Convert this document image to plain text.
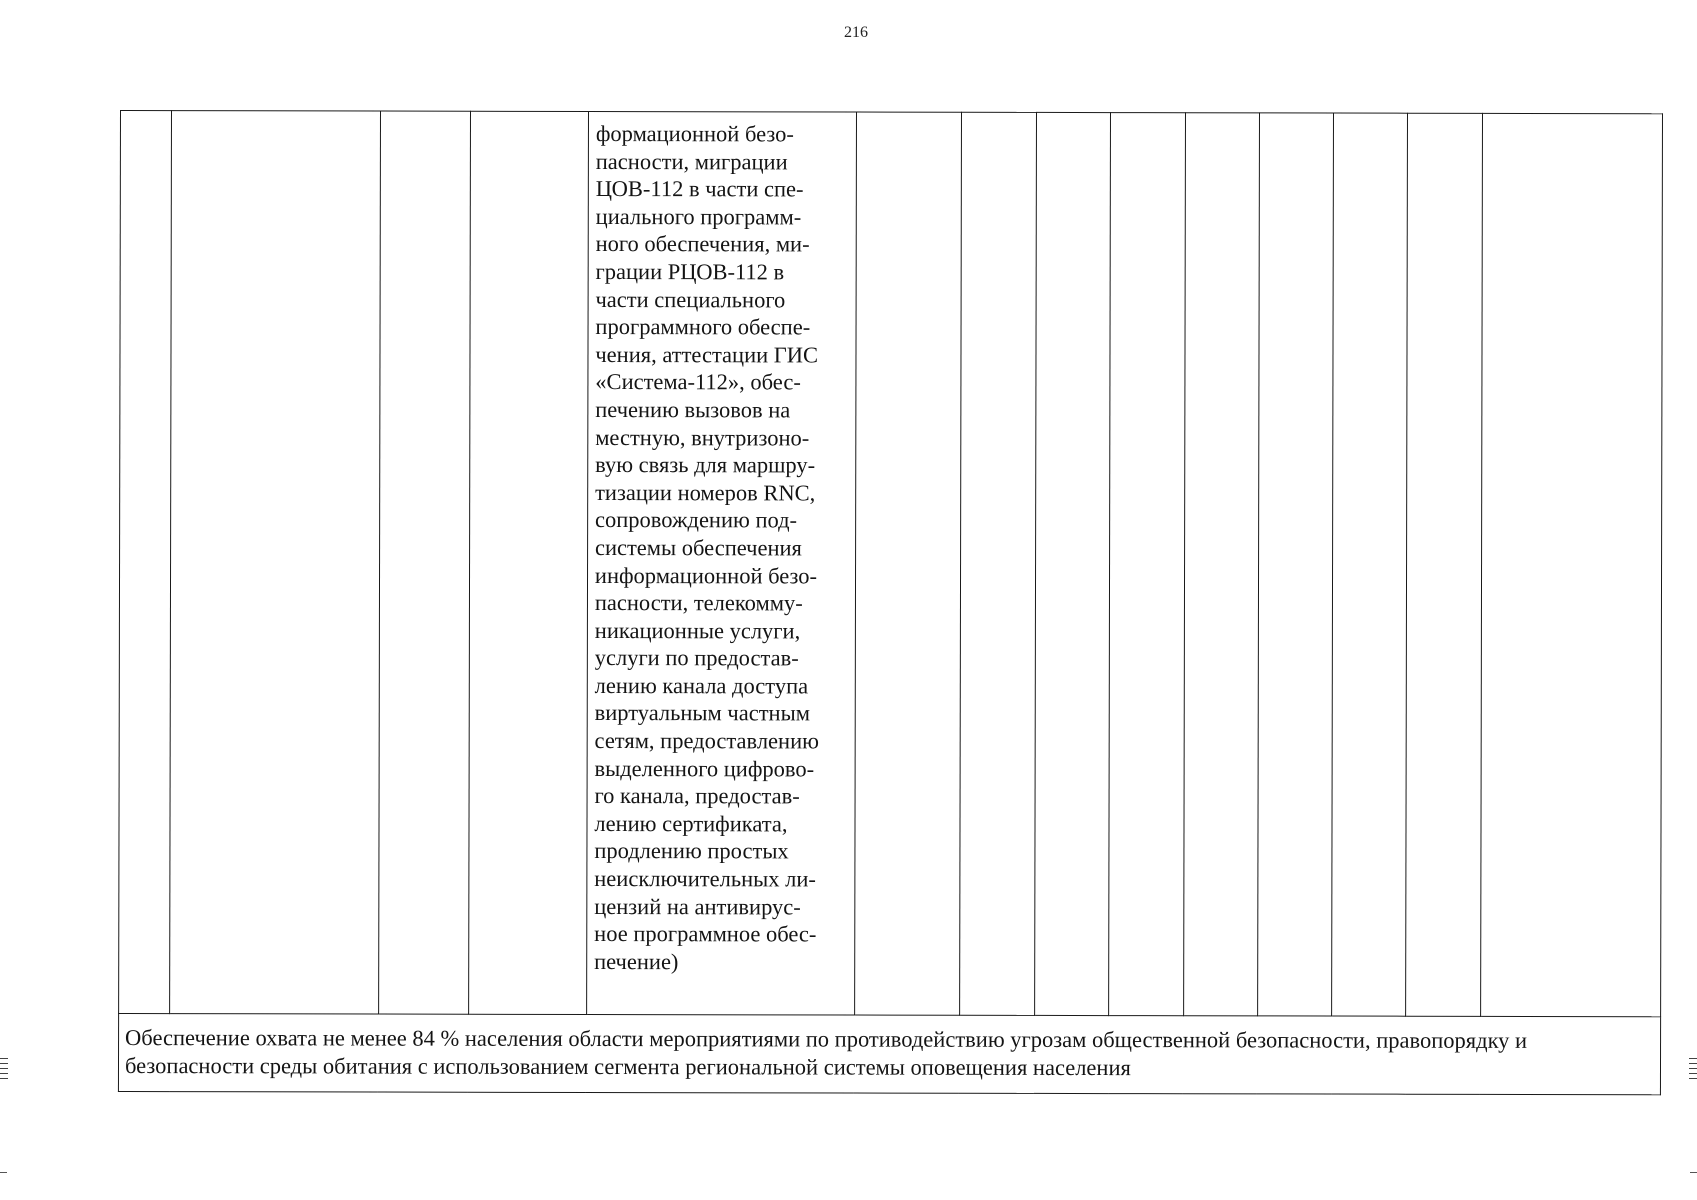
216
				формационной безо-
пасности, миграции
ЦОВ-112 в части спе-
циального программ-
ного обеспечения, ми-
грации РЦОВ-112 в
части специального
программного обеспе-
чения, аттестации ГИС
«Система-112», обес-
печению вызовов на
местную, внутризоно-
вую связь для маршру-
тизации номеров RNC,
сопровождению под-
системы обеспечения
информационной безо-
пасности, телекомму-
никационные услуги,
услуги по предостав-
лению канала доступа
виртуальным частным
сетям, предоставлению
выделенного цифрово-
го канала, предостав-
лению сертификата,
продлению простых
неисключительных ли-
цензий на антивирус-
ное программное обес-
печение)									
Обеспечение охвата не менее 84 % населения области мероприятиями по противодействию угрозам общественной безопасности, правопорядку и безопасности среды обитания с использованием сегмента региональной системы оповещения населения
